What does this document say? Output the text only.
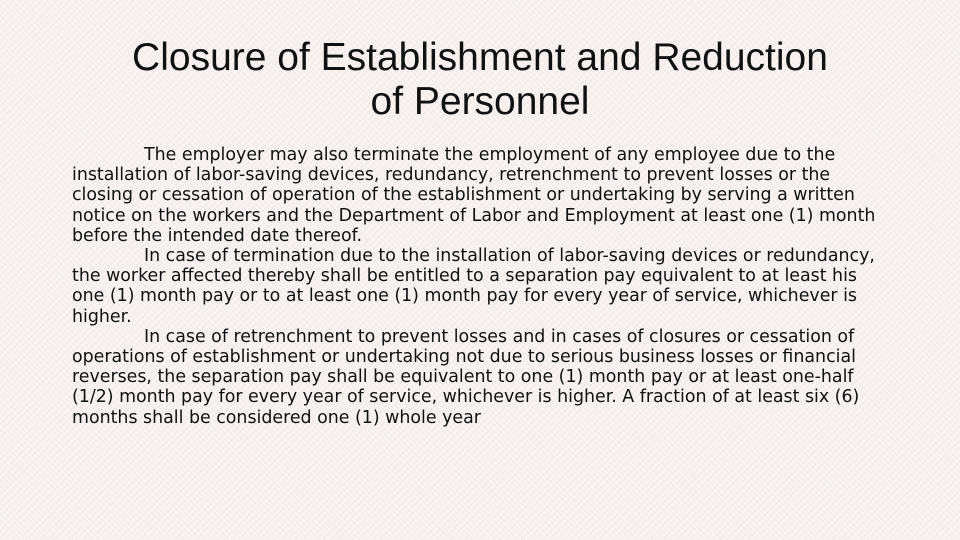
Closure of Establishment and Reduction
of Personnel

The employer may also terminate the employment of any employee due to the installation of labor-saving devices, redundancy, retrenchment to prevent losses or the closing or cessation of operation of the establishment or undertaking by serving a written notice on the workers and the Department of Labor and Employment at least one (1) month before the intended date thereof.

In case of termination due to the installation of labor-saving devices or redundancy, the worker affected thereby shall be entitled to a separation pay equivalent to at least his one (1) month pay or to at least one (1) month pay for every year of service, whichever is higher.

In case of retrenchment to prevent losses and in cases of closures or cessation of operations of establishment or undertaking not due to serious business losses or financial reverses, the separation pay shall be equivalent to one (1) month pay or at least one-half (1/2) month pay for every year of service, whichever is higher. A fraction of at least six (6) months shall be considered one (1) whole year
